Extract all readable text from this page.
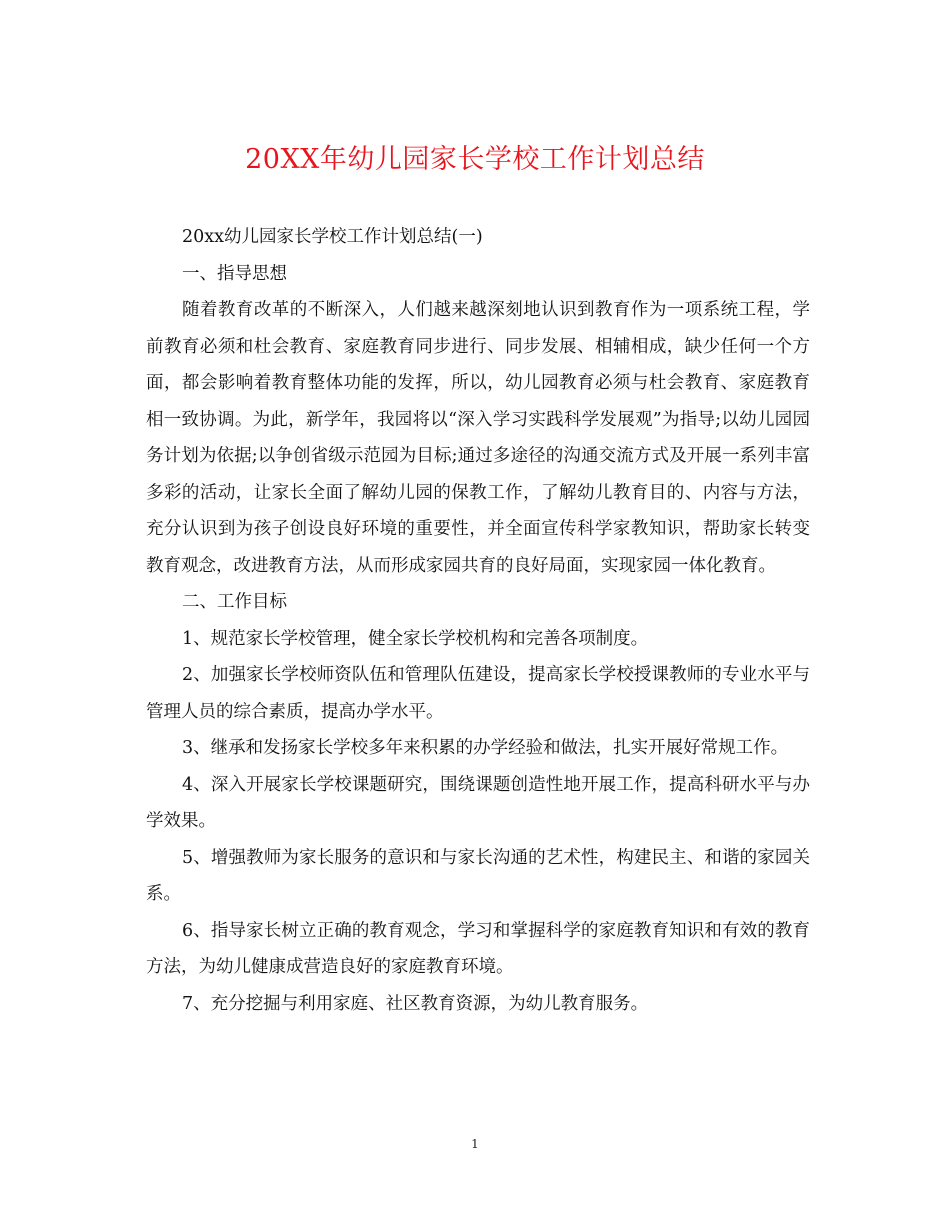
20XX年幼儿园家长学校工作计划总结

20xx幼儿园家长学校工作计划总结(一)

一、指导思想

随着教育改革的不断深入，人们越来越深刻地认识到教育作为一项系统工程，学前教育必须和杜会教育、家庭教育同步进行、同步发展、相辅相成，缺少任何一个方面，都会影响着教育整体功能的发挥，所以，幼儿园教育必须与杜会教育、家庭教育相一致协调。为此，新学年，我园将以“深入学习实践科学发展观”为指导;以幼儿园园务计划为依据;以争创省级示范园为目标;通过多途径的沟通交流方式及开展一系列丰富多彩的活动，让家长全面了解幼儿园的保教工作，了解幼儿教育目的、内容与方法，充分认识到为孩子创设良好环境的重要性，并全面宣传科学家教知识，帮助家长转变教育观念，改进教育方法，从而形成家园共育的良好局面，实现家园一体化教育。

二、工作目标

1、规范家长学校管理，健全家长学校机构和完善各项制度。

2、加强家长学校师资队伍和管理队伍建设，提高家长学校授课教师的专业水平与管理人员的综合素质，提高办学水平。

3、继承和发扬家长学校多年来积累的办学经验和做法，扎实开展好常规工作。

4、深入开展家长学校课题研究，围绕课题创造性地开展工作，提高科研水平与办学效果。

5、增强教师为家长服务的意识和与家长沟通的艺术性，构建民主、和谐的家园关系。

6、指导家长树立正确的教育观念，学习和掌握科学的家庭教育知识和有效的教育方法，为幼儿健康成营造良好的家庭教育环境。

7、充分挖掘与利用家庭、社区教育资源，为幼儿教育服务。

1
